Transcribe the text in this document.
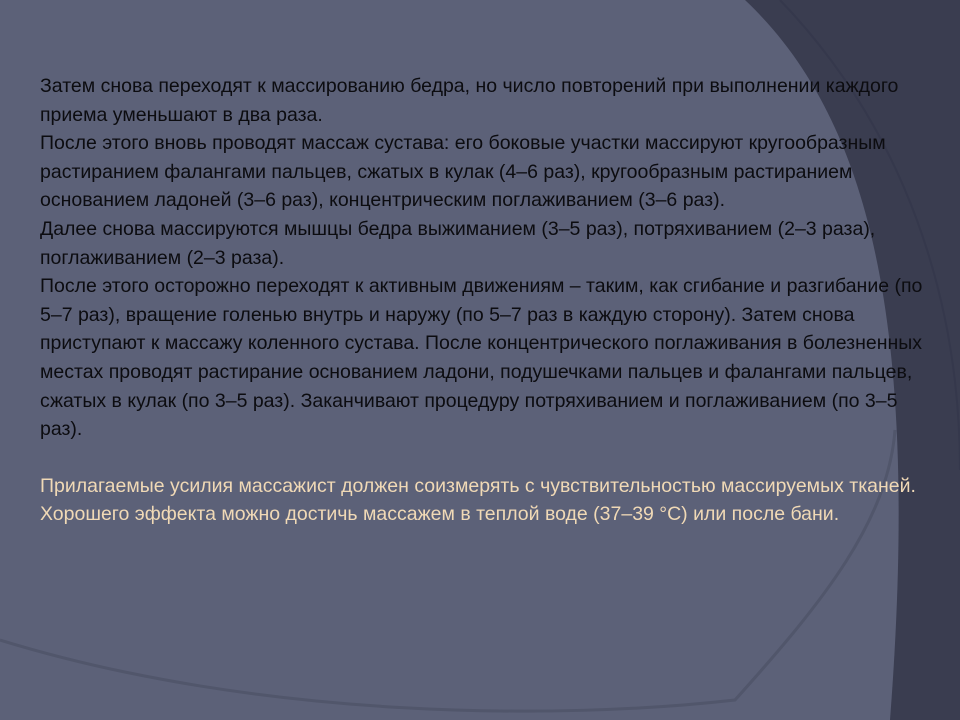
Затем снова переходят к массированию бедра, но число повторений при выполнении каждого приема уменьшают в два раза.

После этого вновь проводят массаж сустава: его боковые участки массируют кругообразным растиранием фалангами пальцев, сжатых в кулак (4–6 раз), кругообразным растиранием основанием ладоней (3–6 раз), концентрическим поглаживанием (3–6 раз).

Далее снова массируются мышцы бедра выжиманием (3–5 раз), потряхиванием (2–3 раза), поглаживанием (2–3 раза).

После этого осторожно переходят к активным движениям – таким, как сгибание и разгибание (по 5–7 раз), вращение голенью внутрь и наружу (по 5–7 раз в каждую сторону). Затем снова приступают к массажу коленного сустава. После концентрического поглаживания в болезненных местах проводят растирание основанием ладони, подушечками пальцев и фалангами пальцев, сжатых в кулак (по 3–5 раз). Заканчивают процедуру потряхиванием и поглаживанием (по 3–5 раз).

Прилагаемые усилия массажист должен соизмерять с чувствительностью массируемых тканей. Хорошего эффекта можно достичь массажем в теплой воде (37–39 °С) или после бани.
